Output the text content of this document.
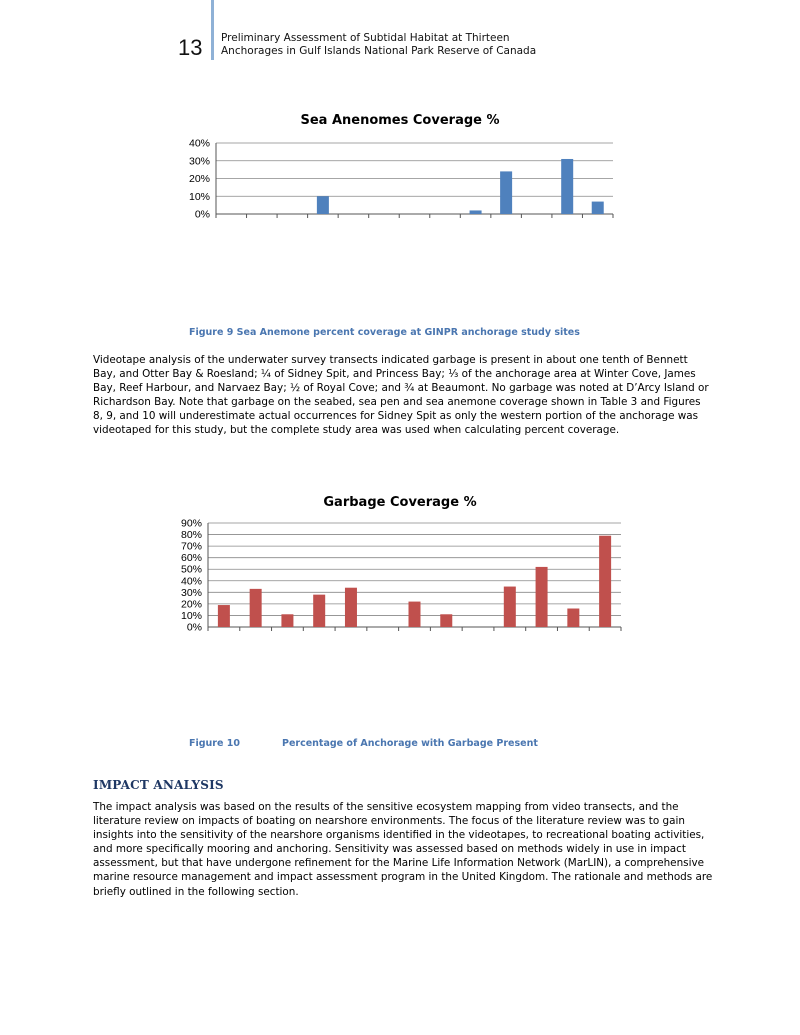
13 Preliminary Assessment of Subtidal Habitat at Thirteen
Anchorages in Gulf Islands National Park Reserve of Canada
Sea Anenomes Coverage %
0%
10%
20%
30%
40%
Figure 9 Sea Anemone percent coverage at GINPR anchorage study sites

Videotape analysis of the underwater survey transects indicated garbage is present in about one tenth of Bennett Bay, and Otter Bay & Roesland; ¼ of Sidney Spit, and Princess Bay; ⅓ of the anchorage area at Winter Cove, James Bay, Reef Harbour, and Narvaez Bay; ½ of Royal Cove; and ¾ at Beaumont. No garbage was noted at D’Arcy Island or Richardson Bay. Note that garbage on the seabed, sea pen and sea anemone coverage shown in Table 3 and Figures 8, 9, and 10 will underestimate actual occurrences for Sidney Spit as only the western portion of the anchorage was videotaped for this study, but the complete study area was used when calculating percent coverage.

Garbage Coverage %
0%
10%
20%
30%
40%
50%
60%
70%
80%
90%
Figure 10	Percentage of Anchorage with Garbage Present
IMPACT ANALYSIS

The impact analysis was based on the results of the sensitive ecosystem mapping from video transects, and the literature review on impacts of boating on nearshore environments. The focus of the literature review was to gain insights into the sensitivity of the nearshore organisms identified in the videotapes, to recreational boating activities, and more specifically mooring and anchoring. Sensitivity was assessed based on methods widely in use in impact assessment, but that have undergone refinement for the Marine Life Information Network (MarLIN), a comprehensive marine resource management and impact assessment program in the United Kingdom. The rationale and methods are briefly outlined in the following section.
